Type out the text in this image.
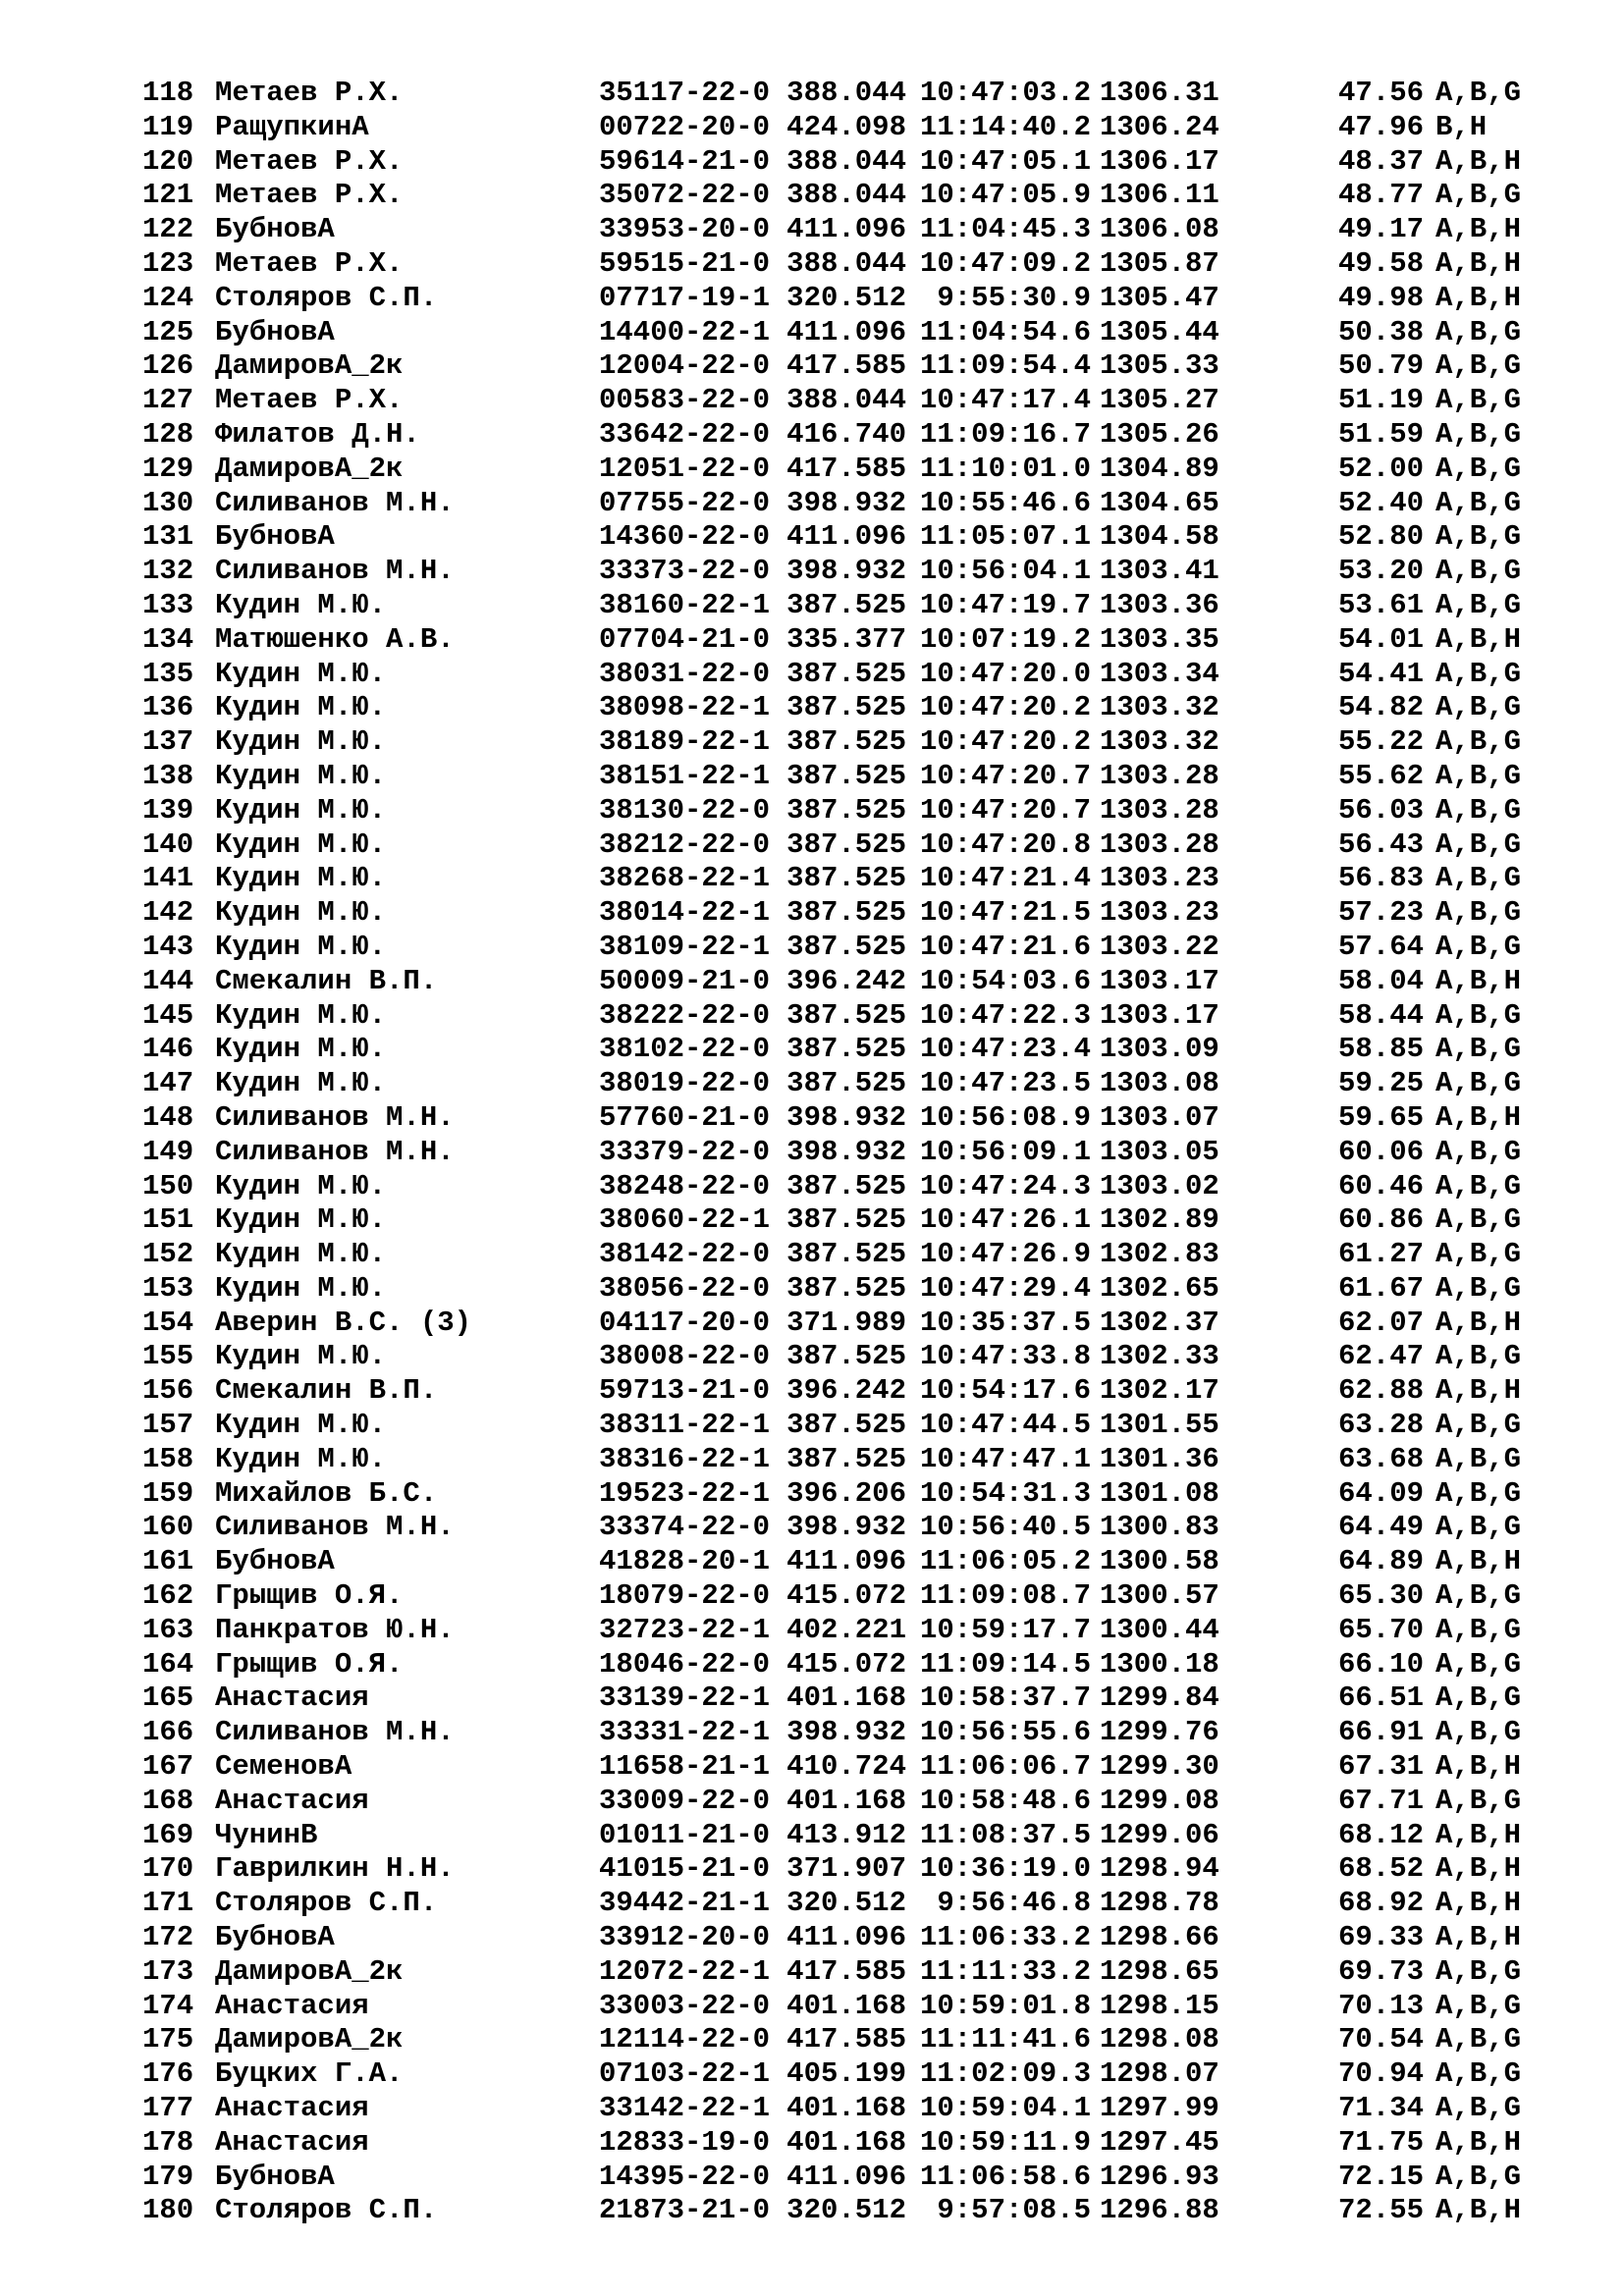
118 Метаев Р.Х.	35117-22-0 388.044 10:47:03.2 1306.31	47.56 A,B,G
119 РащупкинА	00722-20-0 424.098 11:14:40.2 1306.24	47.96 B,H
120 Метаев Р.Х.	59614-21-0 388.044 10:47:05.1 1306.17	48.37 A,B,H
121 Метаев Р.Х.	35072-22-0 388.044 10:47:05.9 1306.11	48.77 A,B,G
122 БубновА	33953-20-0 411.096 11:04:45.3 1306.08	49.17 A,B,H
123 Метаев Р.Х.	59515-21-0 388.044 10:47:09.2 1305.87	49.58 A,B,H
124 Столяров С.П.	07717-19-1 320.512	9:55:30.9 1305.47	49.98 A,B,H
125 БубновА	14400-22-1 411.096 11:04:54.6 1305.44	50.38 A,B,G
126 ДамировА_2к	12004-22-0 417.585 11:09:54.4 1305.33	50.79 A,B,G
127 Метаев Р.Х.	00583-22-0 388.044 10:47:17.4 1305.27	51.19 A,B,G
128 Филатов Д.Н.	33642-22-0 416.740 11:09:16.7 1305.26	51.59 A,B,G
129 ДамировА_2к	12051-22-0 417.585 11:10:01.0 1304.89	52.00 A,B,G
130 Силиванов М.Н.	07755-22-0 398.932 10:55:46.6 1304.65	52.40 A,B,G
131 БубновА	14360-22-0 411.096 11:05:07.1 1304.58	52.80 A,B,G
132 Силиванов М.Н.	33373-22-0 398.932 10:56:04.1 1303.41	53.20 A,B,G
133 Кудин М.Ю.	38160-22-1 387.525 10:47:19.7 1303.36	53.61 A,B,G
134 Матюшенко А.В.	07704-21-0 335.377 10:07:19.2 1303.35	54.01 A,B,H
135 Кудин М.Ю.	38031-22-0 387.525 10:47:20.0 1303.34	54.41 A,B,G
136 Кудин М.Ю.	38098-22-1 387.525 10:47:20.2 1303.32	54.82 A,B,G
137 Кудин М.Ю.	38189-22-1 387.525 10:47:20.2 1303.32	55.22 A,B,G
138 Кудин М.Ю.	38151-22-1 387.525 10:47:20.7 1303.28	55.62 A,B,G
139 Кудин М.Ю.	38130-22-0 387.525 10:47:20.7 1303.28	56.03 A,B,G
140 Кудин М.Ю.	38212-22-0 387.525 10:47:20.8 1303.28	56.43 A,B,G
141 Кудин М.Ю.	38268-22-1 387.525 10:47:21.4 1303.23	56.83 A,B,G
142 Кудин М.Ю.	38014-22-1 387.525 10:47:21.5 1303.23	57.23 A,B,G
143 Кудин М.Ю.	38109-22-1 387.525 10:47:21.6 1303.22	57.64 A,B,G
144 Смекалин В.П.	50009-21-0 396.242 10:54:03.6 1303.17	58.04 A,B,H
145 Кудин М.Ю.	38222-22-0 387.525 10:47:22.3 1303.17	58.44 A,B,G
146 Кудин М.Ю.	38102-22-0 387.525 10:47:23.4 1303.09	58.85 A,B,G
147 Кудин М.Ю.	38019-22-0 387.525 10:47:23.5 1303.08	59.25 A,B,G
148 Силиванов М.Н.	57760-21-0 398.932 10:56:08.9 1303.07	59.65 A,B,H
149 Силиванов М.Н.	33379-22-0 398.932 10:56:09.1 1303.05	60.06 A,B,G
150 Кудин М.Ю.	38248-22-0 387.525 10:47:24.3 1303.02	60.46 A,B,G
151 Кудин М.Ю.	38060-22-1 387.525 10:47:26.1 1302.89	60.86 A,B,G
152 Кудин М.Ю.	38142-22-0 387.525 10:47:26.9 1302.83	61.27 A,B,G
153 Кудин М.Ю.	38056-22-0 387.525 10:47:29.4 1302.65	61.67 A,B,G
154 Аверин В.С. (3)	04117-20-0 371.989 10:35:37.5 1302.37	62.07 A,B,H
155 Кудин М.Ю.	38008-22-0 387.525 10:47:33.8 1302.33	62.47 A,B,G
156 Смекалин В.П.	59713-21-0 396.242 10:54:17.6 1302.17	62.88 A,B,H
157 Кудин М.Ю.	38311-22-1 387.525 10:47:44.5 1301.55	63.28 A,B,G
158 Кудин М.Ю.	38316-22-1 387.525 10:47:47.1 1301.36	63.68 A,B,G
159 Михайлов Б.С.	19523-22-1 396.206 10:54:31.3 1301.08	64.09 A,B,G
160 Силиванов М.Н.	33374-22-0 398.932 10:56:40.5 1300.83	64.49 A,B,G
161 БубновА	41828-20-1 411.096 11:06:05.2 1300.58	64.89 A,B,H
162 Грыщив О.Я.	18079-22-0 415.072 11:09:08.7 1300.57	65.30 A,B,G
163 Панкратов Ю.Н.	32723-22-1 402.221 10:59:17.7 1300.44	65.70 A,B,G
164 Грыщив О.Я.	18046-22-0 415.072 11:09:14.5 1300.18	66.10 A,B,G
165 Анастасия	33139-22-1 401.168 10:58:37.7 1299.84	66.51 A,B,G
166 Силиванов М.Н.	33331-22-1 398.932 10:56:55.6 1299.76	66.91 A,B,G
167 СеменовА	11658-21-1 410.724 11:06:06.7 1299.30	67.31 A,B,H
168 Анастасия	33009-22-0 401.168 10:58:48.6 1299.08	67.71 A,B,G
169 ЧунинВ	01011-21-0 413.912 11:08:37.5 1299.06	68.12 A,B,H
170 Гаврилкин Н.Н.	41015-21-0 371.907 10:36:19.0 1298.94	68.52 A,B,H
171 Столяров С.П.	39442-21-1 320.512	9:56:46.8 1298.78	68.92 A,B,H
172 БубновА	33912-20-0 411.096 11:06:33.2 1298.66	69.33 A,B,H
173 ДамировА_2к	12072-22-1 417.585 11:11:33.2 1298.65	69.73 A,B,G
174 Анастасия	33003-22-0 401.168 10:59:01.8 1298.15	70.13 A,B,G
175 ДамировА_2к	12114-22-0 417.585 11:11:41.6 1298.08	70.54 A,B,G
176 Буцких Г.А.	07103-22-1 405.199 11:02:09.3 1298.07	70.94 A,B,G
177 Анастасия	33142-22-1 401.168 10:59:04.1 1297.99	71.34 A,B,G
178 Анастасия	12833-19-0 401.168 10:59:11.9 1297.45	71.75 A,B,H
179 БубновА	14395-22-0 411.096 11:06:58.6 1296.93	72.15 A,B,G
180 Столяров С.П.	21873-21-0 320.512	9:57:08.5 1296.88	72.55 A,B,H
